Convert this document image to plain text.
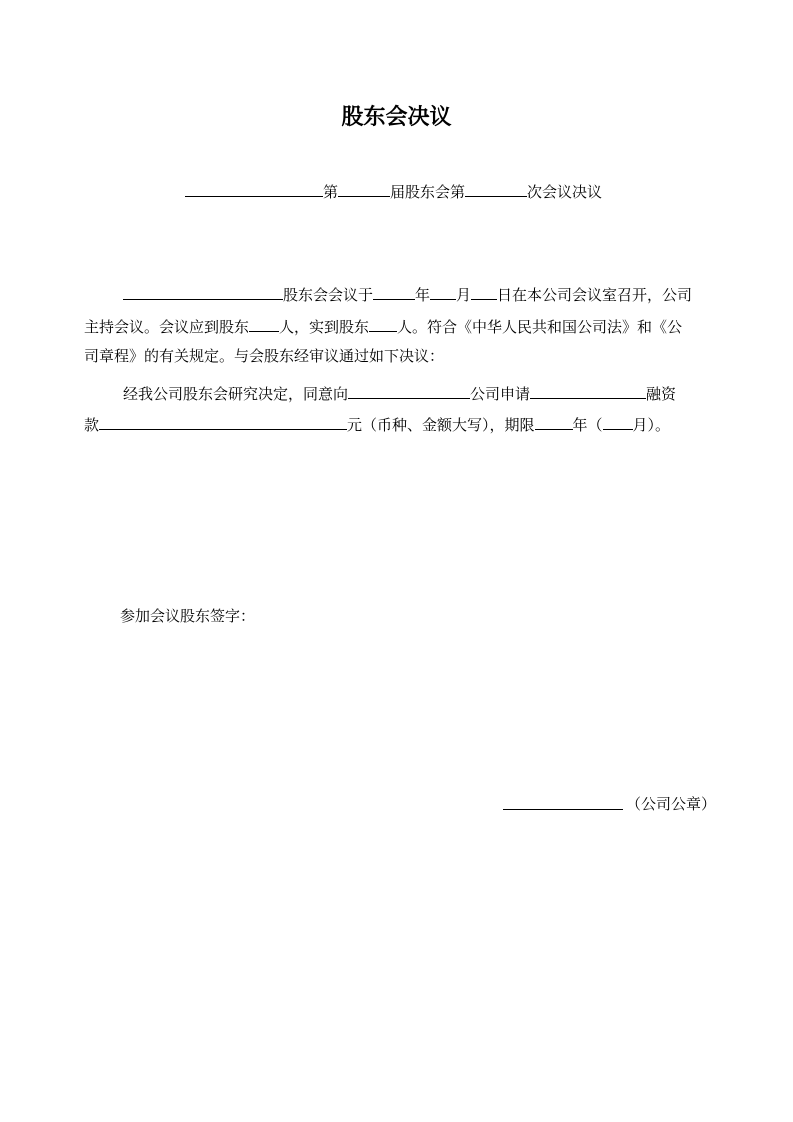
股东会决议
第	届股东会第	次会议决议
股东会会议于	年 月 日在本公司会议室召开，公司
主持会议。会议应到股东 人，实到股东 人。符合《中华人民共和国公司法》和《公
司章程》的有关规定。与会股东经审议通过如下决议：
经我公司股东会研究决定，同意向	公司申请	融资
款	元（币种、金额大写），期限	年（ 月）。
参加会议股东签字：
（公司公章）
